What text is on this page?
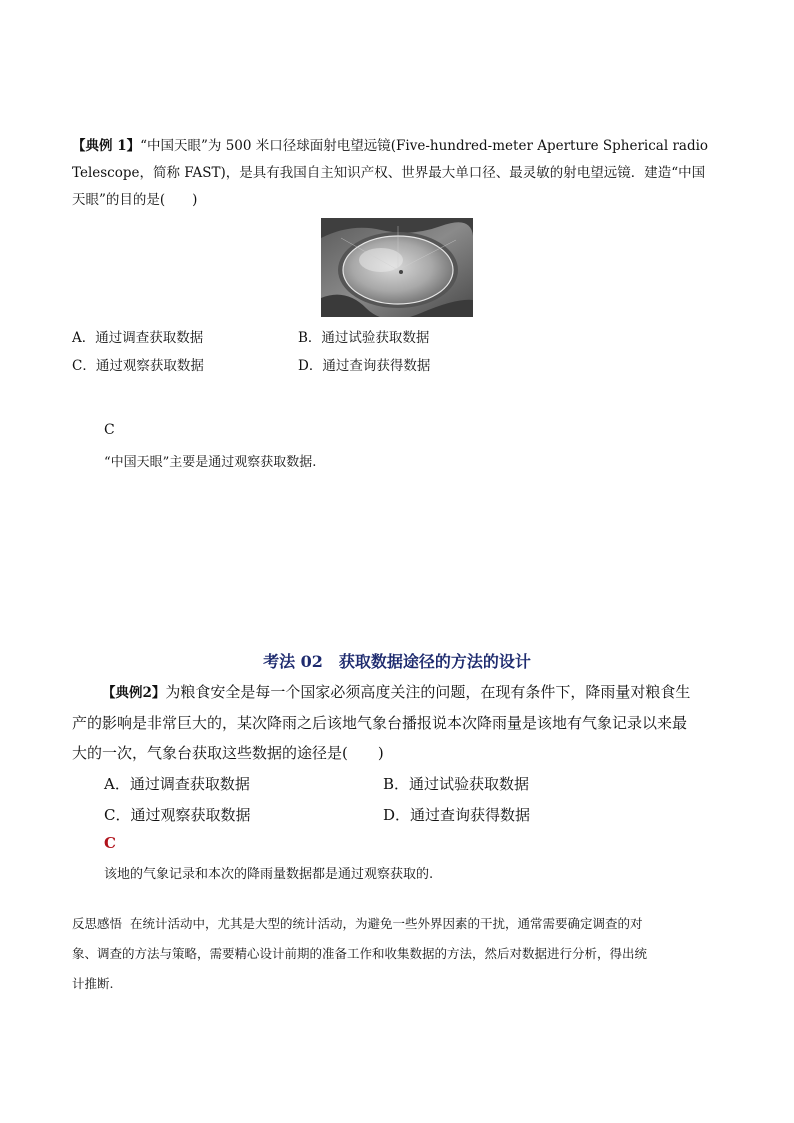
【典例 1】“中国天眼”为 500 米口径球面射电望远镜(Five-hundred-meter Aperture Spherical radio
Telescope，简称 FAST)，是具有我国自主知识产权、世界最大单口径、最灵敏的射电望远镜．建造“中国
天眼”的目的是(　　)
A．通过调查获取数据	B．通过试验获取数据
C．通过观察获取数据	D．通过查询获得数据
C
“中国天眼”主要是通过观察获取数据.
考法 02　获取数据途径的方法的设计
【典例2】为粮食安全是每一个国家必须高度关注的问题，在现有条件下，降雨量对粮食生
产的影响是非常巨大的，某次降雨之后该地气象台播报说本次降雨量是该地有气象记录以来最
大的一次，气象台获取这些数据的途径是(　　)
A．通过调查获取数据	B．通过试验获取数据
C．通过观察获取数据	D．通过查询获得数据
C
该地的气象记录和本次的降雨量数据都是通过观察获取的.
反思感悟 在统计活动中，尤其是大型的统计活动，为避免一些外界因素的干扰，通常需要确定调查的对
象、调查的方法与策略，需要精心设计前期的准备工作和收集数据的方法，然后对数据进行分析，得出统
计推断.
